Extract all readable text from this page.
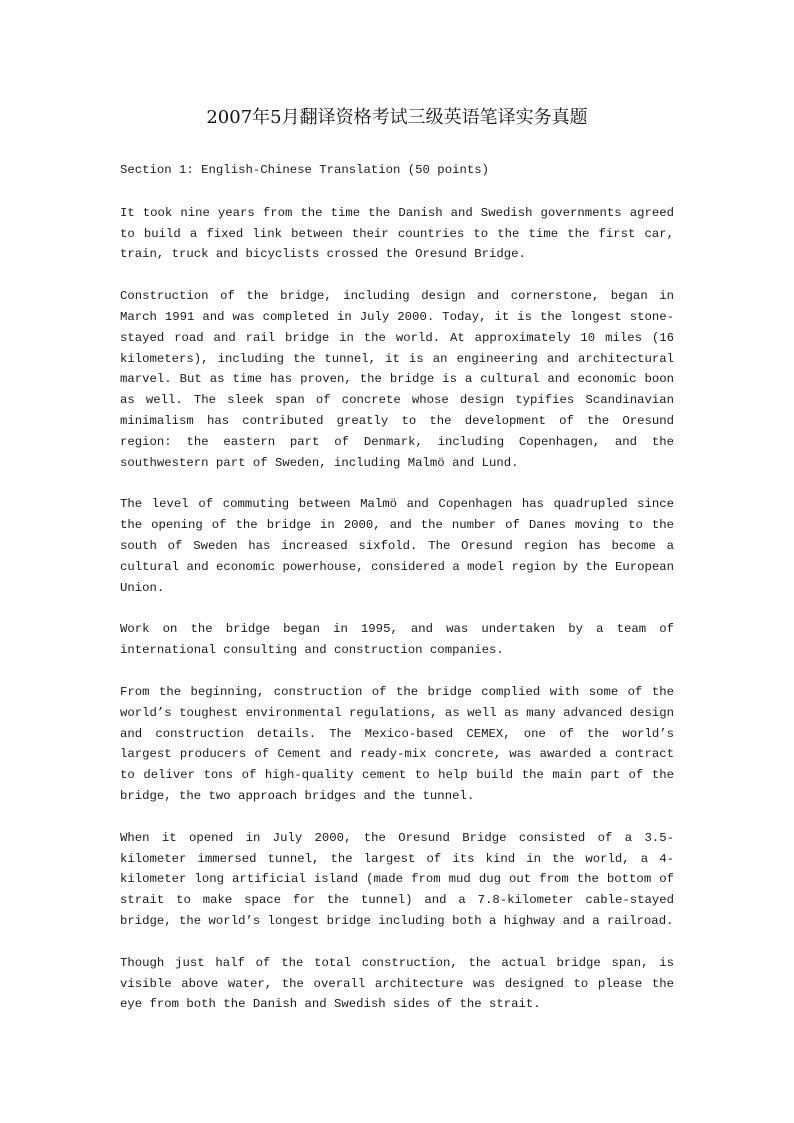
2007年5月翻译资格考试三级英语笔译实务真题

Section 1: English-Chinese Translation (50 points)

It took nine years from the time the Danish and Swedish governments agreed to build a fixed link between their countries to the time the first car, train, truck and bicyclists crossed the Oresund Bridge.

Construction of the bridge, including design and cornerstone, began in March 1991 and was completed in July 2000. Today, it is the longest stone-stayed road and rail bridge in the world. At approximately 10 miles (16 kilometers), including the tunnel, it is an engineering and architectural marvel. But as time has proven, the bridge is a cultural and economic boon as well. The sleek span of concrete whose design typifies Scandinavian minimalism has contributed greatly to the development of the Oresund region: the eastern part of Denmark, including Copenhagen, and the southwestern part of Sweden, including Malmö and Lund.

The level of commuting between Malmö and Copenhagen has quadrupled since the opening of the bridge in 2000, and the number of Danes moving to the south of Sweden has increased sixfold. The Oresund region has become a cultural and economic powerhouse, considered a model region by the European Union.

Work on the bridge began in 1995, and was undertaken by a team of international consulting and construction companies.

From the beginning, construction of the bridge complied with some of the world’s toughest environmental regulations, as well as many advanced design and construction details. The Mexico-based CEMEX, one of the world’s largest producers of Cement and ready-mix concrete, was awarded a contract to deliver tons of high-quality cement to help build the main part of the bridge, the two approach bridges and the tunnel.

When it opened in July 2000, the Oresund Bridge consisted of a 3.5-kilometer immersed tunnel, the largest of its kind in the world, a 4-kilometer long artificial island (made from mud dug out from the bottom of strait to make space for the tunnel) and a 7.8-kilometer cable-stayed bridge, the world’s longest bridge including both a highway and a railroad.

Though just half of the total construction, the actual bridge span, is visible above water, the overall architecture was designed to please the eye from both the Danish and Swedish sides of the strait.
